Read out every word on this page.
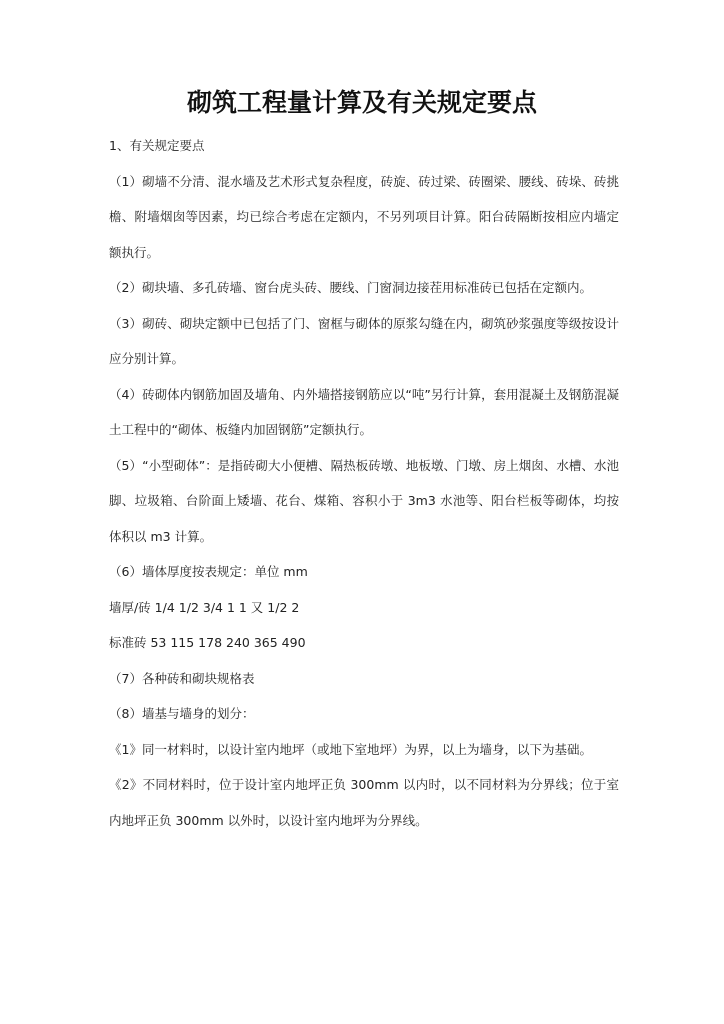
砌筑工程量计算及有关规定要点

1、有关规定要点

（1）砌墙不分清、混水墙及艺术形式复杂程度，砖旋、砖过梁、砖圈梁、腰线、砖垛、砖挑檐、附墙烟囱等因素，均已综合考虑在定额内，不另列项目计算。阳台砖隔断按相应内墙定额执行。

（2）砌块墙、多孔砖墙、窗台虎头砖、腰线、门窗洞边接茬用标准砖已包括在定额内。

（3）砌砖、砌块定额中已包括了门、窗框与砌体的原浆勾缝在内，砌筑砂浆强度等级按设计应分别计算。

（4）砖砌体内钢筋加固及墙角、内外墙搭接钢筋应以“吨”另行计算，套用混凝土及钢筋混凝土工程中的“砌体、板缝内加固钢筋”定额执行。

（5）“小型砌体”：是指砖砌大小便槽、隔热板砖墩、地板墩、门墩、房上烟囱、水槽、水池脚、垃圾箱、台阶面上矮墙、花台、煤箱、容积小于 3m3 水池等、阳台栏板等砌体，均按体积以 m3 计算。

（6）墙体厚度按表规定：单位 mm

墙厚/砖 1/4 1/2 3/4 1 1 又 1/2 2

标准砖 53 115 178 240 365 490

（7）各种砖和砌块规格表

（8）墙基与墙身的划分：

《1》同一材料时，以设计室内地坪（或地下室地坪）为界，以上为墙身，以下为基础。

《2》不同材料时，位于设计室内地坪正负 300mm 以内时，以不同材料为分界线；位于室内地坪正负 300mm 以外时，以设计室内地坪为分界线。
